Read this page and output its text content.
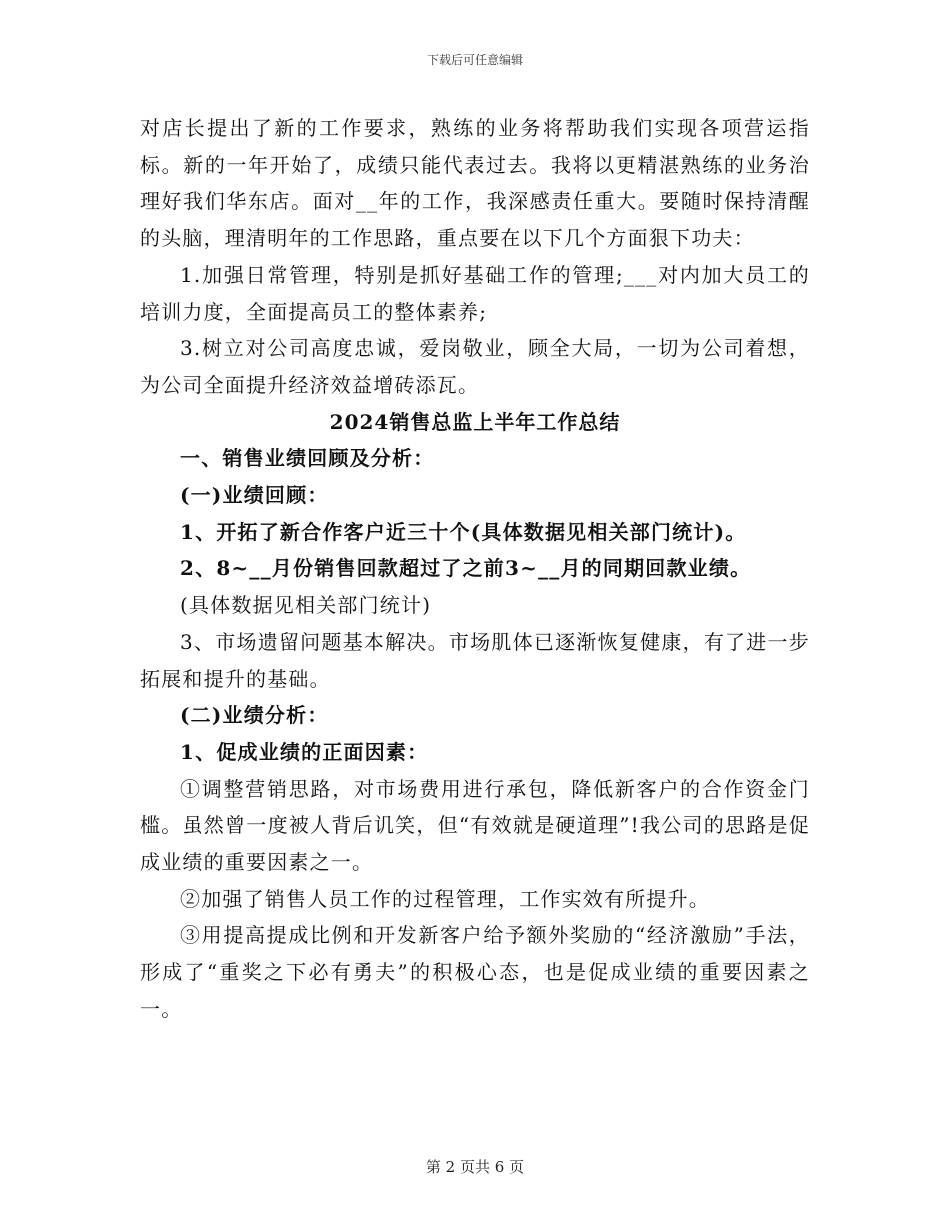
下载后可任意编辑

对店长提出了新的工作要求，熟练的业务将帮助我们实现各项营运指标。新的一年开始了，成绩只能代表过去。我将以更精湛熟练的业务治理好我们华东店。面对__年的工作，我深感责任重大。要随时保持清醒的头脑，理清明年的工作思路，重点要在以下几个方面狠下功夫：

1.加强日常管理，特别是抓好基础工作的管理;___对内加大员工的培训力度，全面提高员工的整体素养;

3.树立对公司高度忠诚，爱岗敬业，顾全大局，一切为公司着想，为公司全面提升经济效益增砖添瓦。

2024销售总监上半年工作总结

一、销售业绩回顾及分析：

(一)业绩回顾：

1、开拓了新合作客户近三十个(具体数据见相关部门统计)。

2、8~__月份销售回款超过了之前3~__月的同期回款业绩。

(具体数据见相关部门统计)

3、市场遗留问题基本解决。市场肌体已逐渐恢复健康，有了进一步拓展和提升的基础。

(二)业绩分析：

1、促成业绩的正面因素：

①调整营销思路，对市场费用进行承包，降低新客户的合作资金门槛。虽然曾一度被人背后讥笑，但“有效就是硬道理”!我公司的思路是促成业绩的重要因素之一。

②加强了销售人员工作的过程管理，工作实效有所提升。

③用提高提成比例和开发新客户给予额外奖励的“经济激励”手法，形成了“重奖之下必有勇夫”的积极心态，也是促成业绩的重要因素之一。

第 2 页共 6 页
